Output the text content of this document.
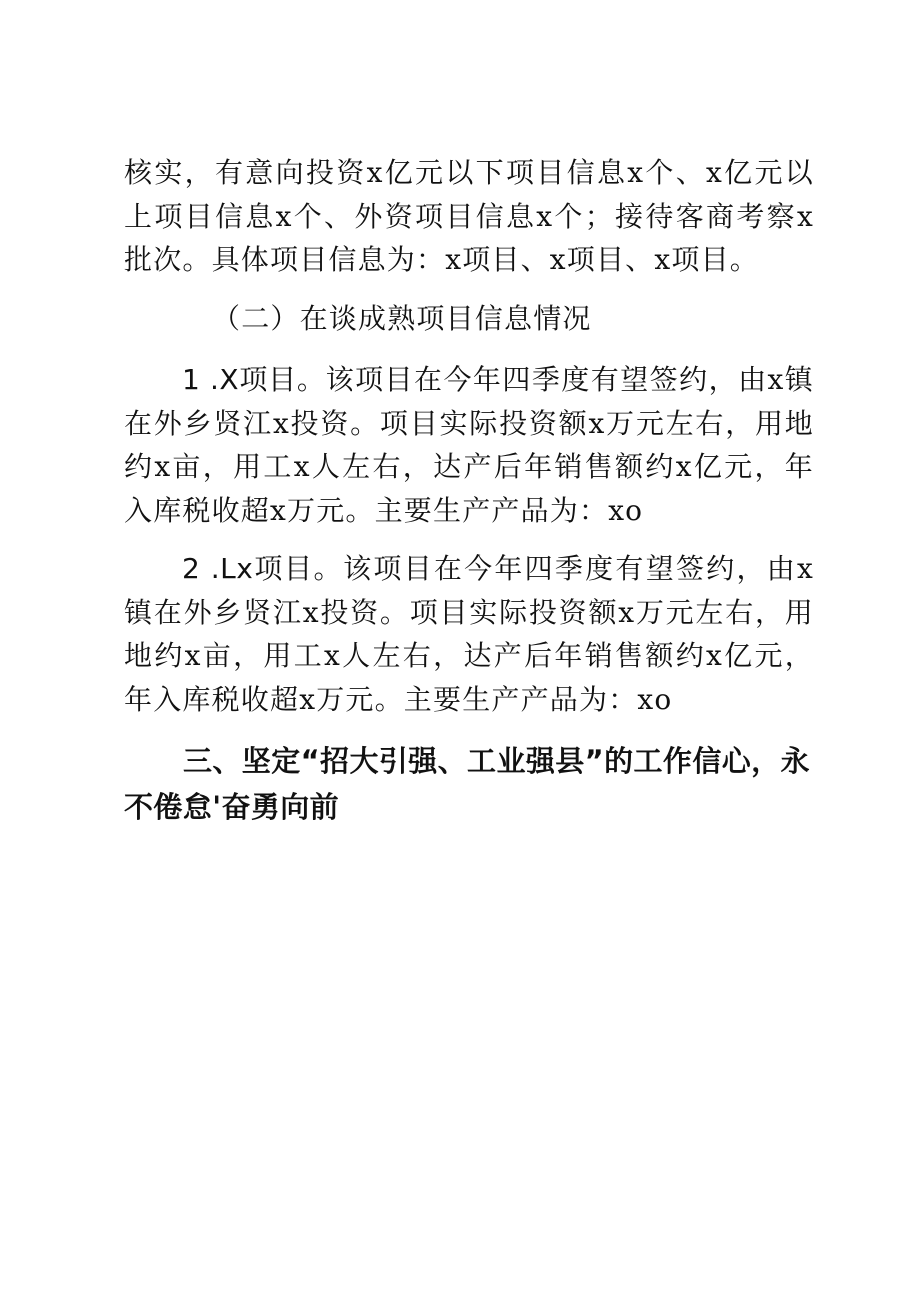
核实，有意向投资x亿元以下项目信息x个、x亿元以上项目信息x个、外资项目信息x个；接待客商考察x批次。具体项目信息为：x项目、x项目、x项目。

（二）在谈成熟项目信息情况

1 .X项目。该项目在今年四季度有望签约，由x镇在外乡贤江x投资。项目实际投资额x万元左右，用地约x亩，用工x人左右，达产后年销售额约x亿元，年入库税收超x万元。主要生产产品为：xo

2 .Lx项目。该项目在今年四季度有望签约，由x镇在外乡贤江x投资。项目实际投资额x万元左右，用地约x亩，用工x人左右，达产后年销售额约x亿元，年入库税收超x万元。主要生产产品为：xo

三、坚定“招大引强、工业强县”的工作信心，永不倦怠'奋勇向前
